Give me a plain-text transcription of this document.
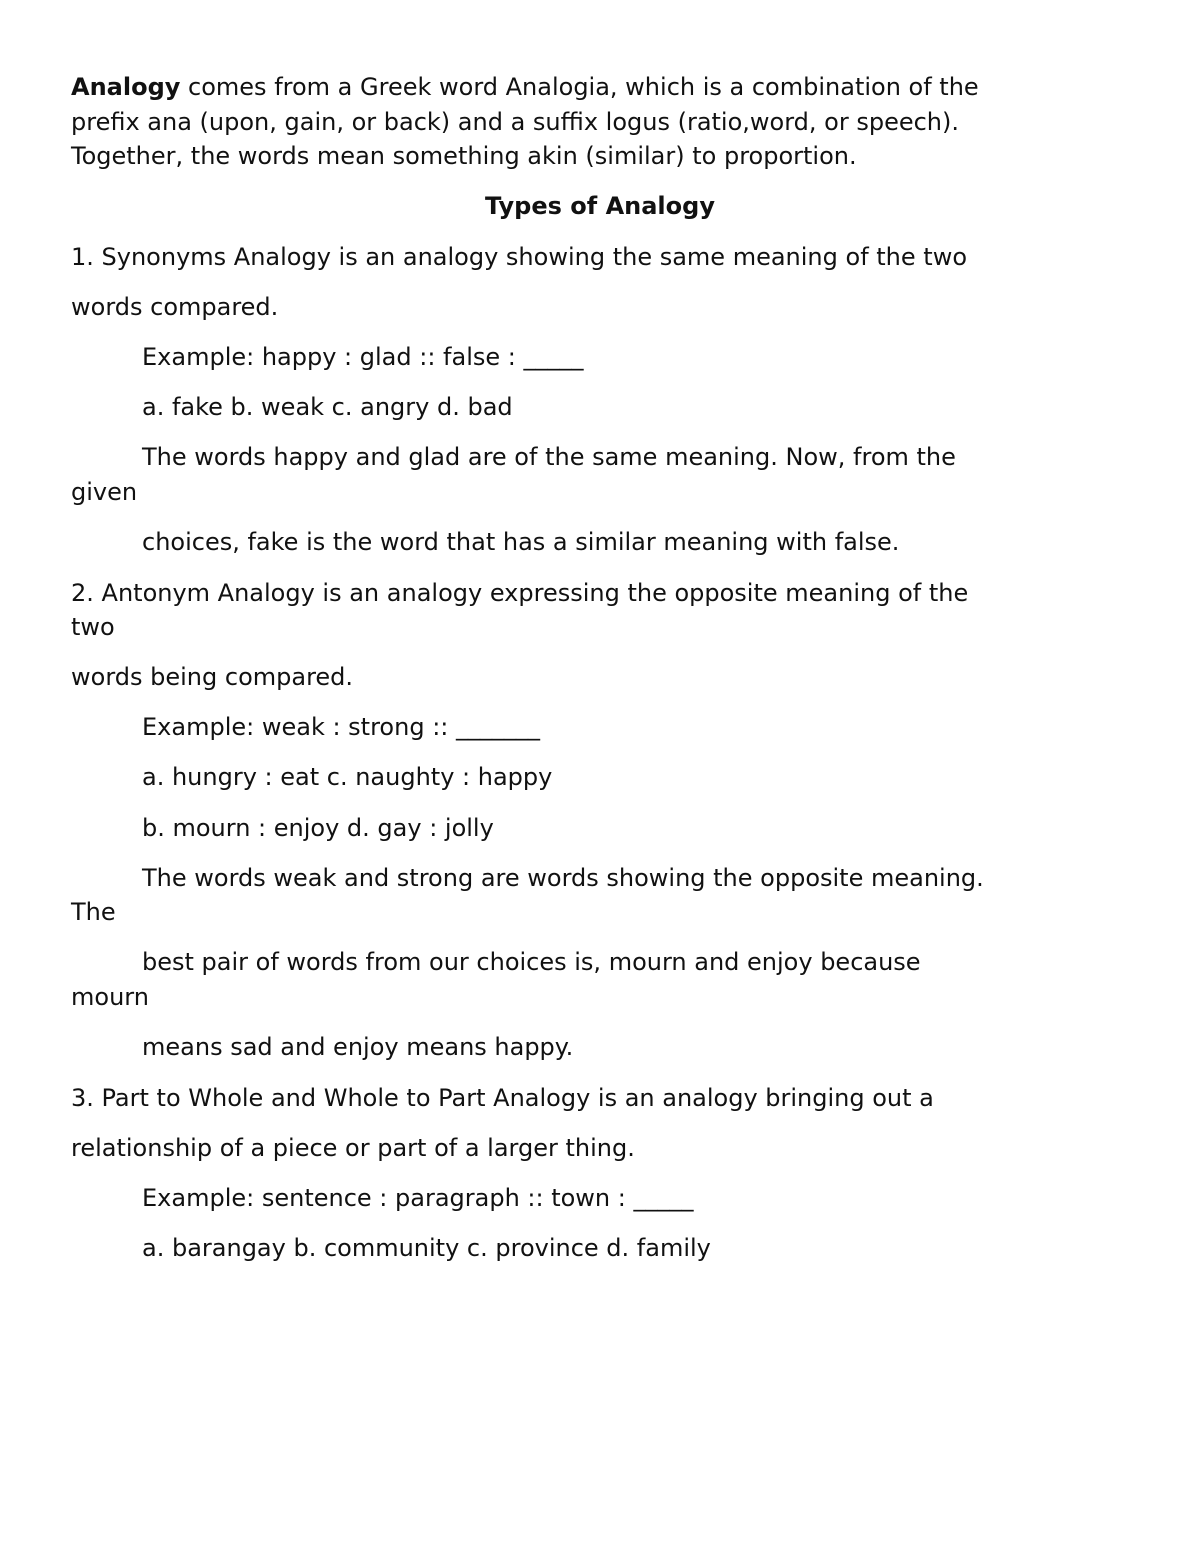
Analogy comes from a Greek word Analogia, which is a combination of the
prefix ana (upon, gain, or back) and a suffix logus (ratio,word, or speech).
Together, the words mean something akin (similar) to proportion.
Types of Analogy
1. Synonyms Analogy is an analogy showing the same meaning of the two
words compared.
Example: happy : glad :: false : _____
a. fake b. weak c. angry d. bad
The words happy and glad are of the same meaning. Now, from the
given
choices, fake is the word that has a similar meaning with false.
2. Antonym Analogy is an analogy expressing the opposite meaning of the
two
words being compared.
Example: weak : strong :: _______
a. hungry : eat c. naughty : happy
b. mourn : enjoy d. gay : jolly
The words weak and strong are words showing the opposite meaning.
The
best pair of words from our choices is, mourn and enjoy because
mourn
means sad and enjoy means happy.
3. Part to Whole and Whole to Part Analogy is an analogy bringing out a
relationship of a piece or part of a larger thing.
Example: sentence : paragraph :: town : _____
a. barangay b. community c. province d. family
